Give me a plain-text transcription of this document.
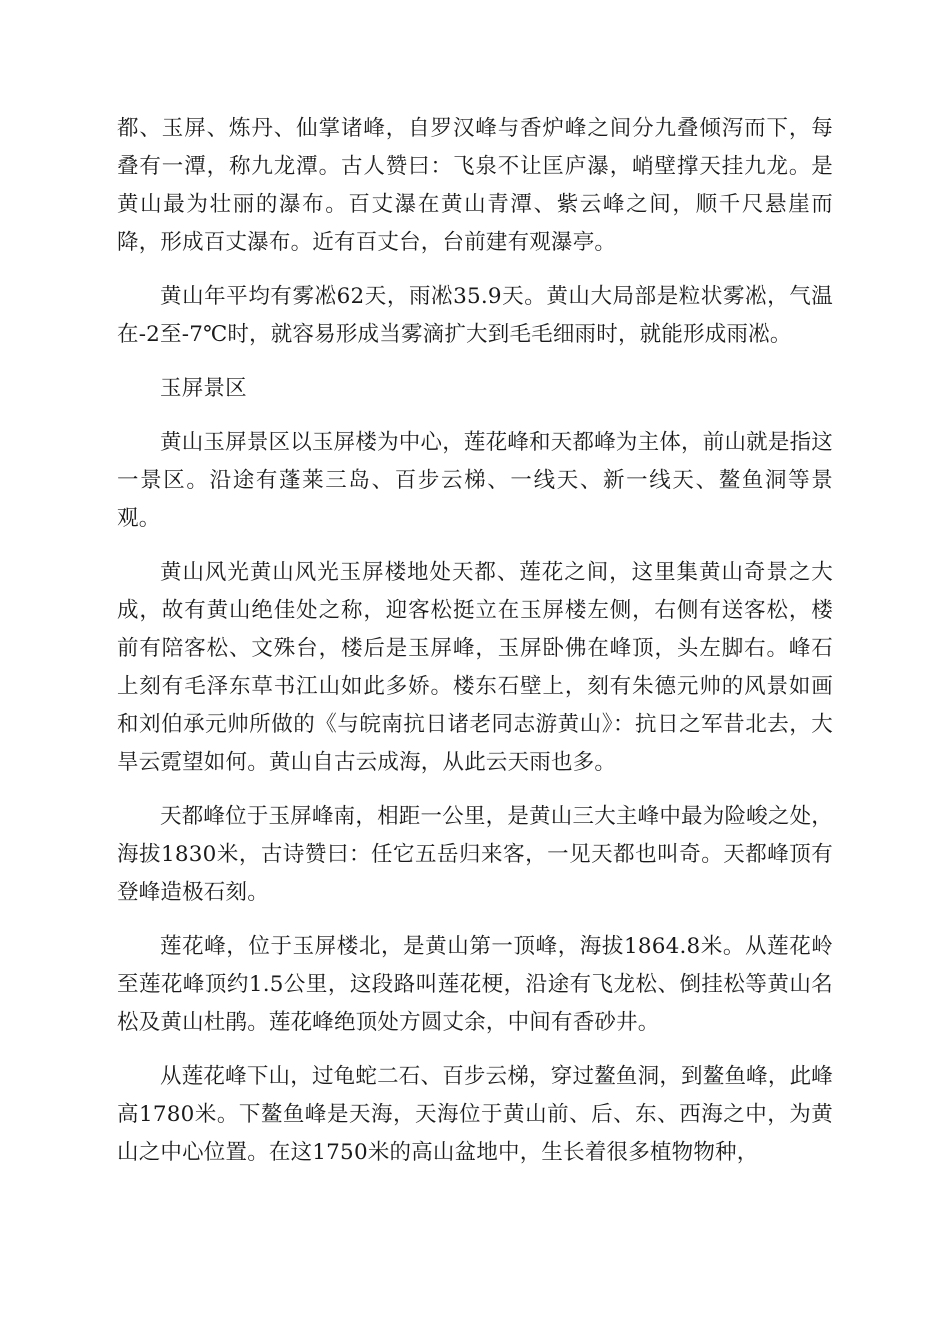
都、玉屏、炼丹、仙掌诸峰，自罗汉峰与香炉峰之间分九叠倾泻而下，每叠有一潭，称九龙潭。古人赞曰：飞泉不让匡庐瀑，峭壁撑天挂九龙。是黄山最为壮丽的瀑布。百丈瀑在黄山青潭、紫云峰之间，顺千尺悬崖而降，形成百丈瀑布。近有百丈台，台前建有观瀑亭。

黄山年平均有雾凇62天，雨凇35.9天。黄山大局部是粒状雾凇，气温在-2至-7℃时，就容易形成当雾滴扩大到毛毛细雨时，就能形成雨凇。

玉屏景区

黄山玉屏景区以玉屏楼为中心，莲花峰和天都峰为主体，前山就是指这一景区。沿途有蓬莱三岛、百步云梯、一线天、新一线天、鳌鱼洞等景观。

黄山风光黄山风光玉屏楼地处天都、莲花之间，这里集黄山奇景之大成，故有黄山绝佳处之称，迎客松挺立在玉屏楼左侧，右侧有送客松，楼前有陪客松、文殊台，楼后是玉屏峰，玉屏卧佛在峰顶，头左脚右。峰石上刻有毛泽东草书江山如此多娇。楼东石壁上，刻有朱德元帅的风景如画和刘伯承元帅所做的《与皖南抗日诸老同志游黄山》：抗日之军昔北去，大旱云霓望如何。黄山自古云成海，从此云天雨也多。

天都峰位于玉屏峰南，相距一公里，是黄山三大主峰中最为险峻之处，海拔1830米，古诗赞曰：任它五岳归来客，一见天都也叫奇。天都峰顶有登峰造极石刻。

莲花峰，位于玉屏楼北，是黄山第一顶峰，海拔1864.8米。从莲花岭至莲花峰顶约1.5公里，这段路叫莲花梗，沿途有飞龙松、倒挂松等黄山名松及黄山杜鹃。莲花峰绝顶处方圆丈余，中间有香砂井。

从莲花峰下山，过龟蛇二石、百步云梯，穿过鳌鱼洞，到鳌鱼峰，此峰高1780米。下鳌鱼峰是天海，天海位于黄山前、后、东、西海之中，为黄山之中心位置。在这1750米的高山盆地中，生长着很多植物物种，
